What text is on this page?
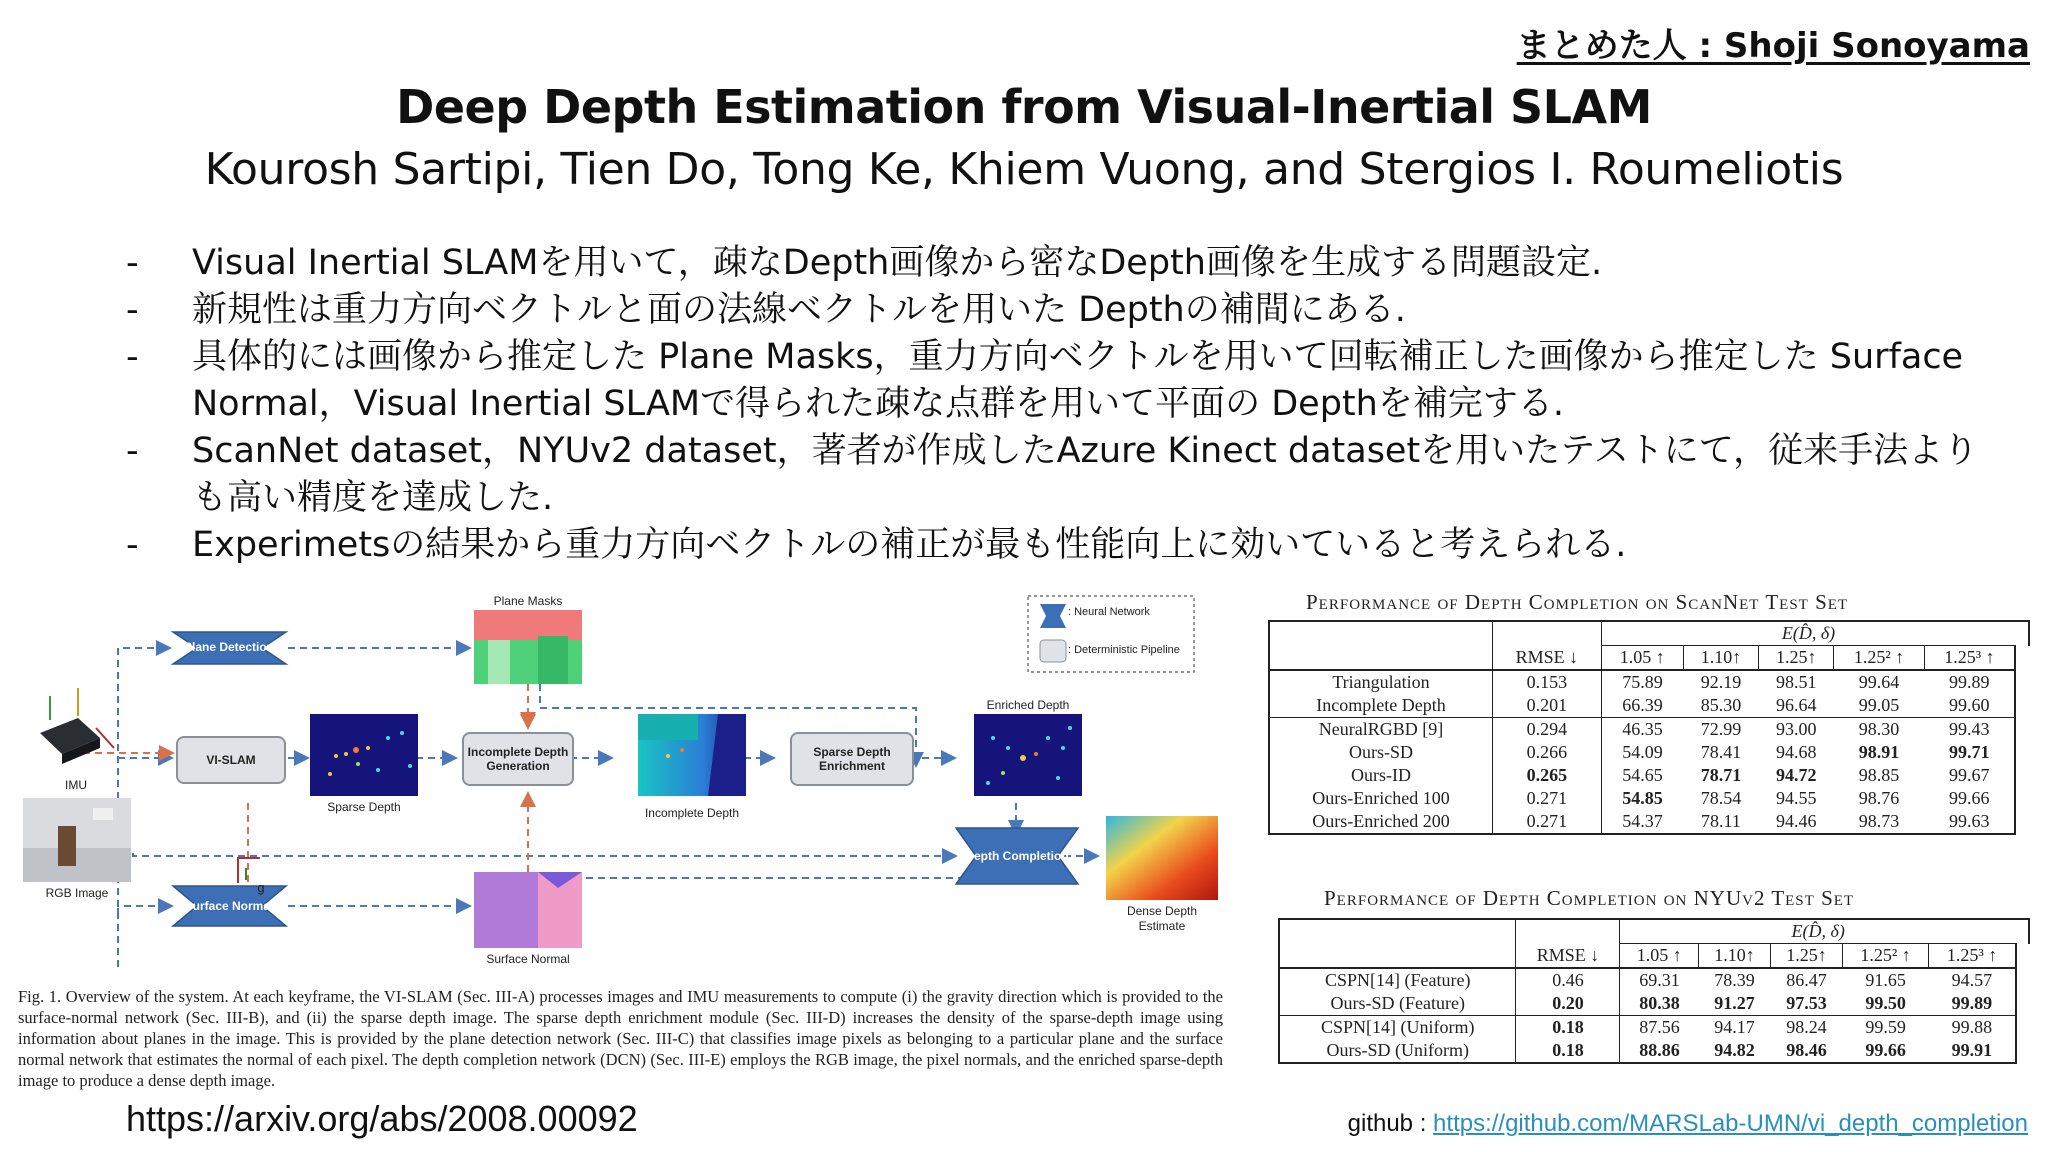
まとめた人 : Shoji Sonoyama
Deep Depth Estimation from Visual-Inertial SLAM
Kourosh Sartipi, Tien Do, Tong Ke, Khiem Vuong, and Stergios I. Roumeliotis
-	Visual Inertial SLAMを用いて，疎なDepth画像から密なDepth画像を生成する問題設定.
-	新規性は重力方向ベクトルと面の法線ベクトルを用いた Depthの補間にある.
-	具体的には画像から推定した Plane Masks，重力方向ベクトルを用いて回転補正した画像から推定した Surface Normal，Visual Inertial SLAMで得られた疎な点群を用いて平面の Depthを補完する.
-	ScanNet dataset，NYUv2 dataset，著者が作成したAzure Kinect datasetを用いたテストにて，従来手法よりも高い精度を達成した.
-	Experimetsの結果から重力方向ベクトルの補正が最も性能向上に効いていると考えられる.
Plane Detection
Depth Completion
Surface Normal
VI-SLAM
Incomplete Depth Generation
Sparse Depth Enrichment
Plane Masks
Sparse Depth	Incomplete Depth
Enriched Depth
Dense Depth Estimate
Surface Normal
IMU
RGB Image	g
: Neural Network
: Deterministic Pipeline
Fig. 1. Overview of the system. At each keyframe, the VI-SLAM (Sec. III-A) processes images and IMU measurements to compute (i) the gravity direction which is provided to the surface-normal network (Sec. III-B), and (ii) the sparse depth image. The sparse depth enrichment module (Sec. III-D) increases the density of the sparse-depth image using information about planes in the image. This is provided by the plane detection network (Sec. III-C) that classifies image pixels as belonging to a particular plane and the surface normal network that estimates the normal of each pixel. The depth completion network (DCN) (Sec. III-E) employs the RGB image, the pixel normals, and the enriched sparse-depth image to produce a dense depth image.
Performance of Depth Completion on ScanNet Test Set
		E(D̂, δ)					
	RMSE ↓	1.05 ↑	1.10↑	1.25↑	1.25² ↑	1.25³ ↑	
Triangulation	0.153	75.89	92.19	98.51	99.64	99.89	
Incomplete Depth	0.201	66.39	85.30	96.64	99.05	99.60	
NeuralRGBD [9]	0.294	46.35	72.99	93.00	98.30	99.43	
Ours-SD	0.266	54.09	78.41	94.68	98.91	99.71	
Ours-ID	0.265	54.65	78.71	94.72	98.85	99.67	
Ours-Enriched 100	0.271	54.85	78.54	94.55	98.76	99.66	
Ours-Enriched 200	0.271	54.37	78.11	94.46	98.73	99.63	
Performance of Depth Completion on NYUv2 Test Set
		E(D̂, δ)					
	RMSE ↓	1.05 ↑	1.10↑	1.25↑	1.25² ↑	1.25³ ↑	
CSPN[14] (Feature)	0.46	69.31	78.39	86.47	91.65	94.57	
Ours-SD (Feature)	0.20	80.38	91.27	97.53	99.50	99.89	
CSPN[14] (Uniform)	0.18	87.56	94.17	98.24	99.59	99.88	
Ours-SD (Uniform)	0.18	88.86	94.82	98.46	99.66	99.91	
https://arxiv.org/abs/2008.00092	github : https://github.com/MARSLab-UMN/vi_depth_completion
